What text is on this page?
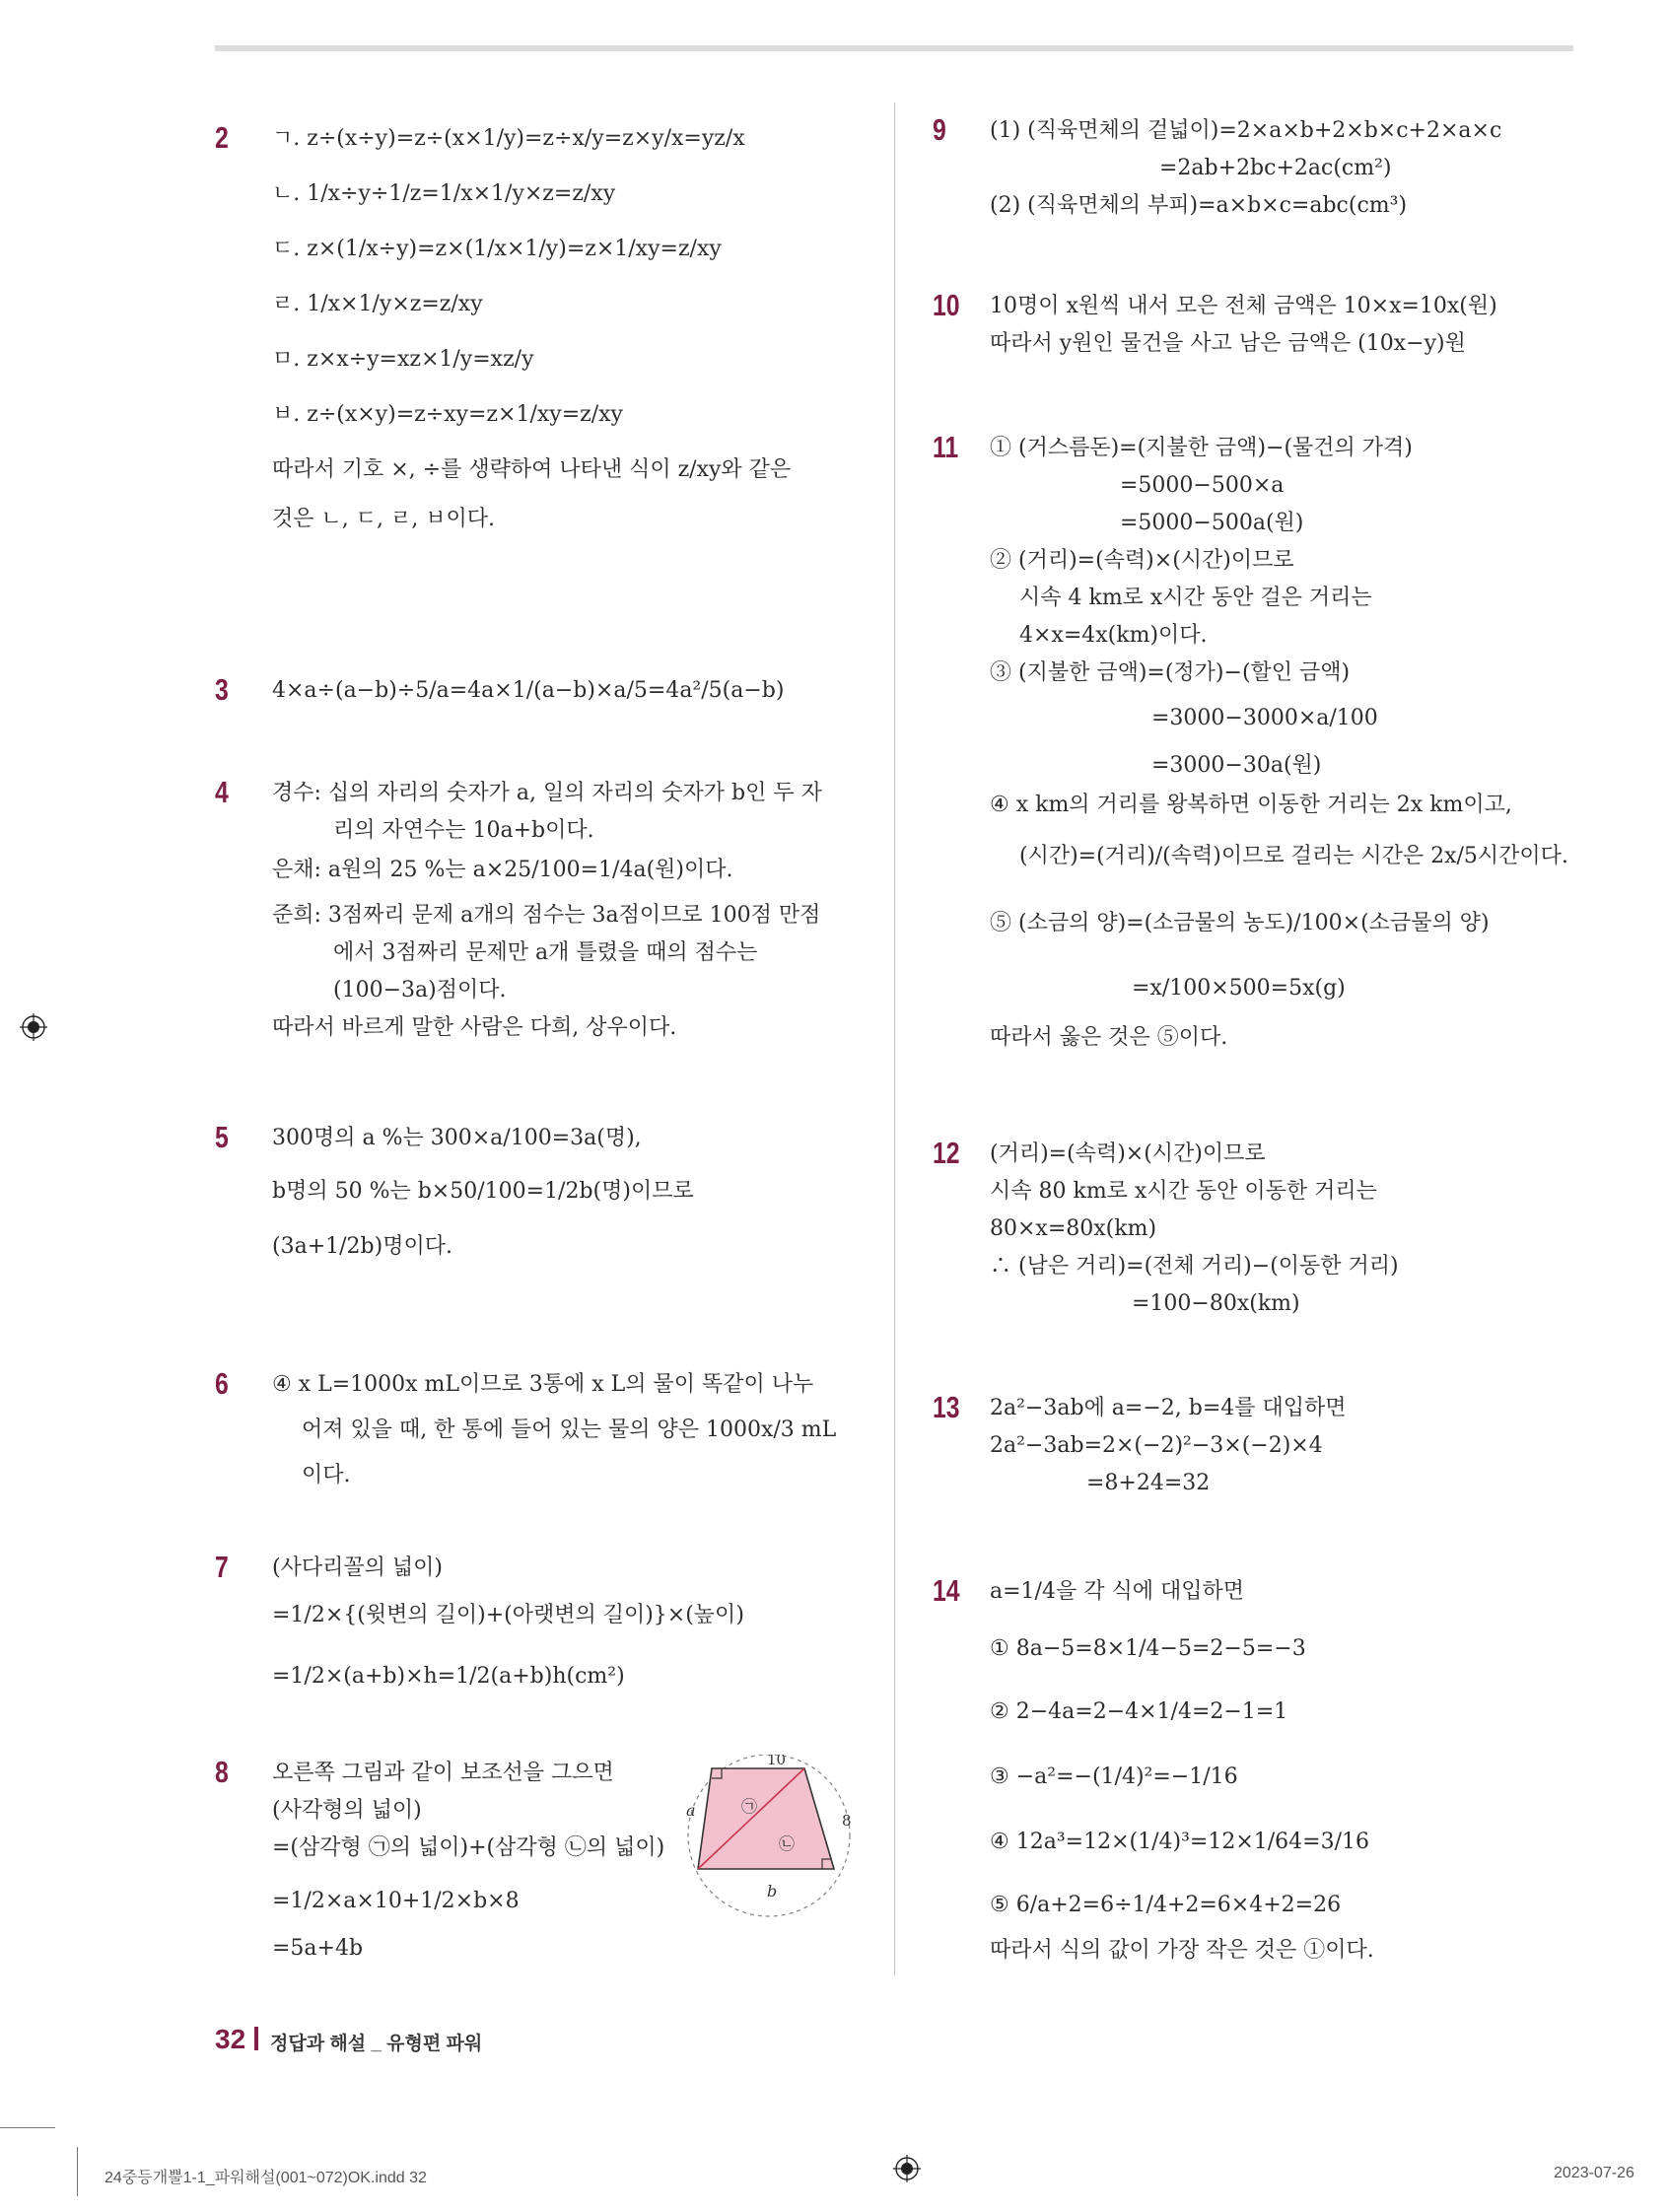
2 ㄱ. z÷(x÷y)=z÷(x×1/y)=z÷x/y=z×y/x=yz/x
ㄴ. 1/x÷y÷1/z=1/x×1/y×z=z/xy
ㄷ. z×(1/x÷y)=z×(1/x×1/y)=z×1/xy=z/xy
ㄹ. 1/x×1/y×z=z/xy
ㅁ. z×x÷y=xz×1/y=xz/y
ㅂ. z÷(x×y)=z÷xy=z×1/xy=z/xy
따라서 기호 ×, ÷를 생략하여 나타낸 식이 z/xy와 같은
것은 ㄴ, ㄷ, ㄹ, ㅂ이다.
3 4×a÷(a−b)÷5/a=4a×1/(a−b)×a/5=4a²/5(a−b)
4 경수: 십의 자리의 숫자가 a, 일의 자리의 숫자가 b인 두 자
리의 자연수는 10a+b이다.
은채: a원의 25 %는 a×25/100=1/4a(원)이다.
준희: 3점짜리 문제 a개의 점수는 3a점이므로 100점 만점
에서 3점짜리 문제만 a개 틀렸을 때의 점수는
(100−3a)점이다.
따라서 바르게 말한 사람은 다희, 상우이다.
5 300명의 a %는 300×a/100=3a(명),
b명의 50 %는 b×50/100=1/2b(명)이므로
(3a+1/2b)명이다.
6 ④ x L=1000x mL이므로 3통에 x L의 물이 똑같이 나누
어져 있을 때, 한 통에 들어 있는 물의 양은 1000x/3 mL
이다.
7 (사다리꼴의 넓이)
=1/2×{(윗변의 길이)+(아랫변의 길이)}×(높이)
=1/2×(a+b)×h=1/2(a+b)h(cm²)
8 오른쪽 그림과 같이 보조선을 그으면
(사각형의 넓이)
=(삼각형 ㉠의 넓이)+(삼각형 ㉡의 넓이)
=1/2×a×10+1/2×b×8
=5a+4b
10
8
a
b
㉠
㉡
9 (1) (직육면체의 겉넓이)=2×a×b+2×b×c+2×a×c
=2ab+2bc+2ac(cm²)
(2) (직육면체의 부피)=a×b×c=abc(cm³)
10 10명이 x원씩 내서 모은 전체 금액은 10×x=10x(원)
따라서 y원인 물건을 사고 남은 금액은 (10x−y)원
11 ① (거스름돈)=(지불한 금액)−(물건의 가격)
=5000−500×a
=5000−500a(원)
② (거리)=(속력)×(시간)이므로
시속 4 km로 x시간 동안 걸은 거리는
4×x=4x(km)이다.
③ (지불한 금액)=(정가)−(할인 금액)
=3000−3000×a/100
=3000−30a(원)
④ x km의 거리를 왕복하면 이동한 거리는 2x km이고,
(시간)=(거리)/(속력)이므로 걸리는 시간은 2x/5시간이다.
⑤ (소금의 양)=(소금물의 농도)/100×(소금물의 양)
=x/100×500=5x(g)
따라서 옳은 것은 ⑤이다.
12 (거리)=(속력)×(시간)이므로
시속 80 km로 x시간 동안 이동한 거리는
80×x=80x(km)
∴ (남은 거리)=(전체 거리)−(이동한 거리)
=100−80x(km)
13 2a²−3ab에 a=−2, b=4를 대입하면
2a²−3ab=2×(−2)²−3×(−2)×4
=8+24=32
14 a=1/4을 각 식에 대입하면
① 8a−5=8×1/4−5=2−5=−3
② 2−4a=2−4×1/4=2−1=1
③ −a²=−(1/4)²=−1/16
④ 12a³=12×(1/4)³=12×1/64=3/16
⑤ 6/a+2=6÷1/4+2=6×4+2=26
따라서 식의 값이 가장 작은 것은 ①이다.
32 정답과 해설 _ 유형편 파워
24중등개뿔1-1_파워해설(001~072)OK.indd 32	2023-07-26
